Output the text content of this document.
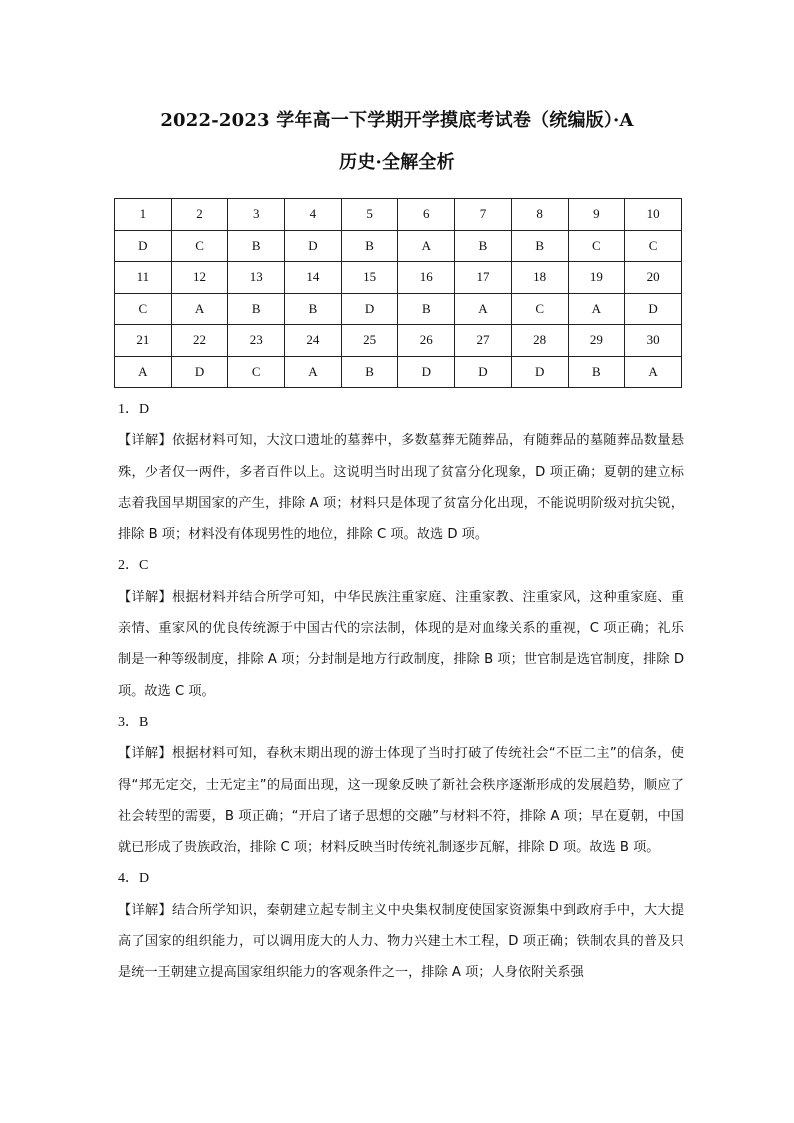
2022-2023 学年高一下学期开学摸底考试卷（统编版）·A
历史·全解全析
1	2	3	4	5	6	7	8	9	10
D	C	B	D	B	A	B	B	C	C
11	12	13	14	15	16	17	18	19	20
C	A	B	B	D	B	A	C	A	D
21	22	23	24	25	26	27	28	29	30
A	D	C	A	B	D	D	D	B	A
1．D

【详解】依据材料可知，大汶口遗址的墓葬中，多数墓葬无随葬品，有随葬品的墓随葬品数量悬殊，少者仅一两件，多者百件以上。这说明当时出现了贫富分化现象，D 项正确；夏朝的建立标志着我国早期国家的产生，排除 A 项；材料只是体现了贫富分化出现，不能说明阶级对抗尖锐，排除 B 项；材料没有体现男性的地位，排除 C 项。故选 D 项。

2．C

【详解】根据材料并结合所学可知，中华民族注重家庭、注重家教、注重家风，这种重家庭、重亲情、重家风的优良传统源于中国古代的宗法制，体现的是对血缘关系的重视，C 项正确；礼乐制是一种等级制度，排除 A 项；分封制是地方行政制度，排除 B 项；世官制是选官制度，排除 D 项。故选 C 项。

3．B

【详解】根据材料可知，春秋末期出现的游士体现了当时打破了传统社会“不臣二主”的信条，使得“邦无定交，士无定主”的局面出现，这一现象反映了新社会秩序逐渐形成的发展趋势，顺应了社会转型的需要，B 项正确；“开启了诸子思想的交融”与材料不符，排除 A 项；早在夏朝，中国就已形成了贵族政治，排除 C 项；材料反映当时传统礼制逐步瓦解，排除 D 项。故选 B 项。

4．D

【详解】结合所学知识，秦朝建立起专制主义中央集权制度使国家资源集中到政府手中，大大提高了国家的组织能力，可以调用庞大的人力、物力兴建土木工程，D 项正确；铁制农具的普及只是统一王朝建立提高国家组织能力的客观条件之一，排除 A 项；人身依附关系强
